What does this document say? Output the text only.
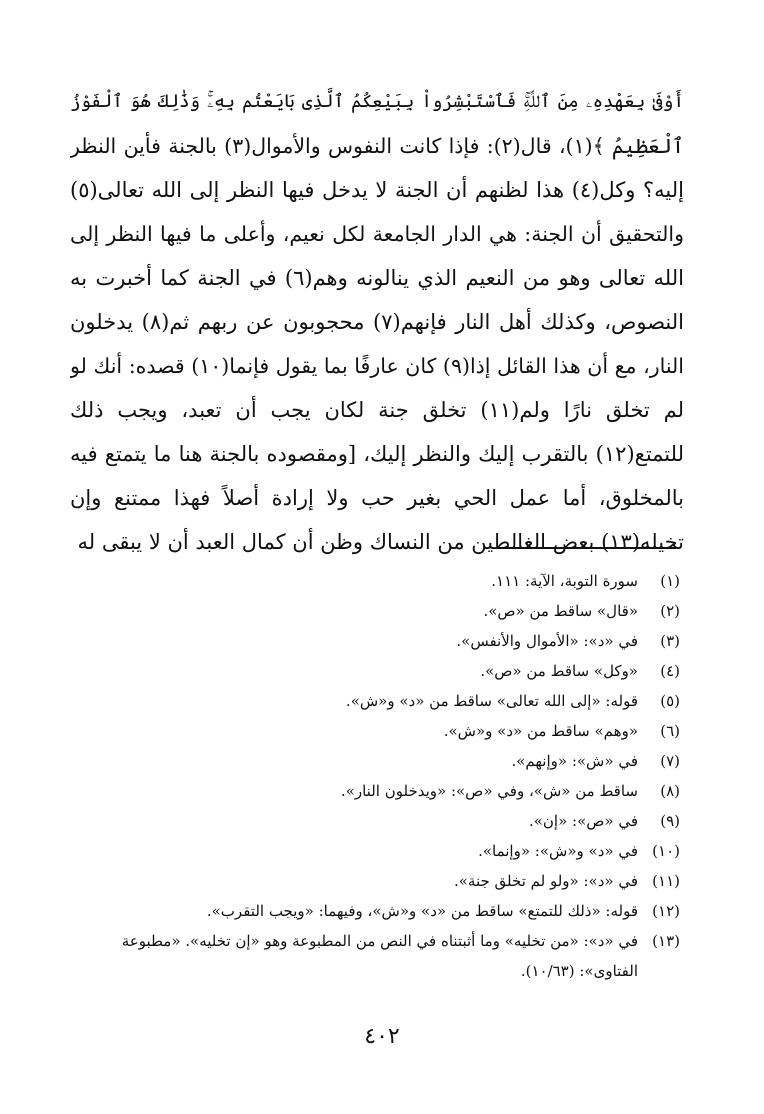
أَوْفَىٰ بِعَهْدِهِۦ مِنَ ٱللَّهِۚ فَٱسْتَبْشِرُواْ بِبَيْعِكُمُ ٱلَّذِى بَايَعْتُم بِهِۦۚ وَذَٰلِكَ هُوَ ٱلْفَوْزُ
ٱلْعَظِيمُ ﴾(١)، قال(٢): فإذا كانت النفوس والأموال(٣) بالجنة فأين النظر
إليه؟ وكل(٤) هذا لظنهم أن الجنة لا يدخل فيها النظر إلى الله تعالى(٥)
والتحقيق أن الجنة: هي الدار الجامعة لكل نعيم، وأعلى ما فيها النظر إلى
الله تعالى وهو من النعيم الذي ينالونه وهم(٦) في الجنة كما أخبرت به
النصوص، وكذلك أهل النار فإنهم(٧) محجوبون عن ربهم ثم(٨) يدخلون
النار، مع أن هذا القائل إذا(٩) كان عارفًا بما يقول فإنما(١٠) قصده: أنك لو
لم تخلق نارًا ولم(١١) تخلق جنة لكان يجب أن تعبد، ويجب ذلك
للتمتع(١٢) بالتقرب إليك والنظر إليك، [ومقصوده بالجنة هنا ما يتمتع فيه
بالمخلوق، أما عمل الحي بغير حب ولا إرادة أصلاً فهذا ممتنع وإن
تخيله(١٣) بعض الغالطين من النساك وظن أن كمال العبد أن لا يبقى له
(١)
سورة التوبة، الآية: ١١١.
(٢)
«قال» ساقط من «ص».
(٣)
في «د»: «الأموال والأنفس».
(٤)
«وكل» ساقط من «ص».
(٥)
قوله: «إلى الله تعالى» ساقط من «د» و«ش».
(٦)
«وهم» ساقط من «د» و«ش».
(٧)
في «ش»: «وإنهم».
(٨)
ساقط من «ش»، وفي «ص»: «ويدخلون النار».
(٩)
في «ص»: «إن».
(١٠)
في «د» و«ش»: «وإنما».
(١١)
في «د»: «ولو لم تخلق جنة».
(١٢)
قوله: «ذلك للتمتع» ساقط من «د» و«ش»، وفيهما: «ويجب التقرب».
(١٣)
في «د»: «من تخليه» وما أثبتناه في النص من المطبوعة وهو «إن تخليه». «مطبوعة الفتاوى»: (١٠/٦٣).
٤٠٢
